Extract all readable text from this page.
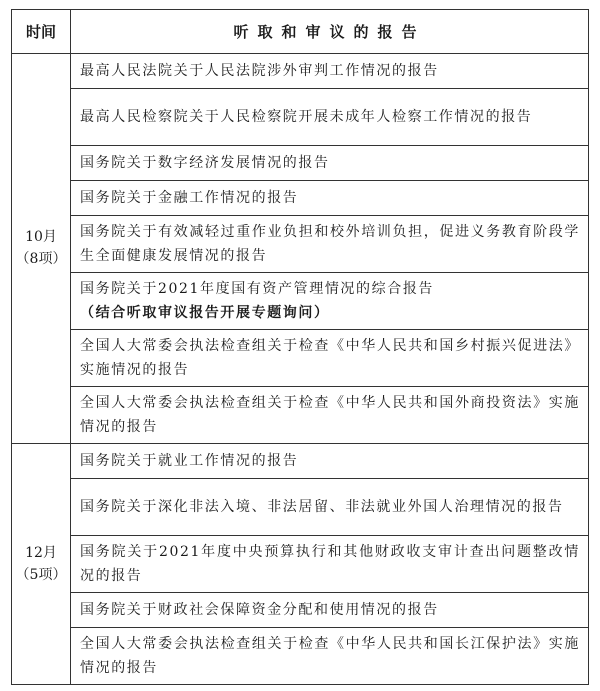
时间	听取和审议的报告
10月
（8项）	最高人民法院关于人民法院涉外审判工作情况的报告
	最高人民检察院关于人民检察院开展未成年人检察工作情况的报告
	国务院关于数字经济发展情况的报告
	国务院关于金融工作情况的报告
	国务院关于有效减轻过重作业负担和校外培训负担，促进义务教育阶段学生全面健康发展情况的报告
	国务院关于2021年度国有资产管理情况的综合报告
（结合听取审议报告开展专题询问）

	全国人大常委会执法检查组关于检查《中华人民共和国乡村振兴促进法》实施情况的报告
	全国人大常委会执法检查组关于检查《中华人民共和国外商投资法》实施情况的报告
12月
（5项）	国务院关于就业工作情况的报告
	国务院关于深化非法入境、非法居留、非法就业外国人治理情况的报告
	国务院关于2021年度中央预算执行和其他财政收支审计查出问题整改情况的报告
	国务院关于财政社会保障资金分配和使用情况的报告
	全国人大常委会执法检查组关于检查《中华人民共和国长江保护法》实施情况的报告
